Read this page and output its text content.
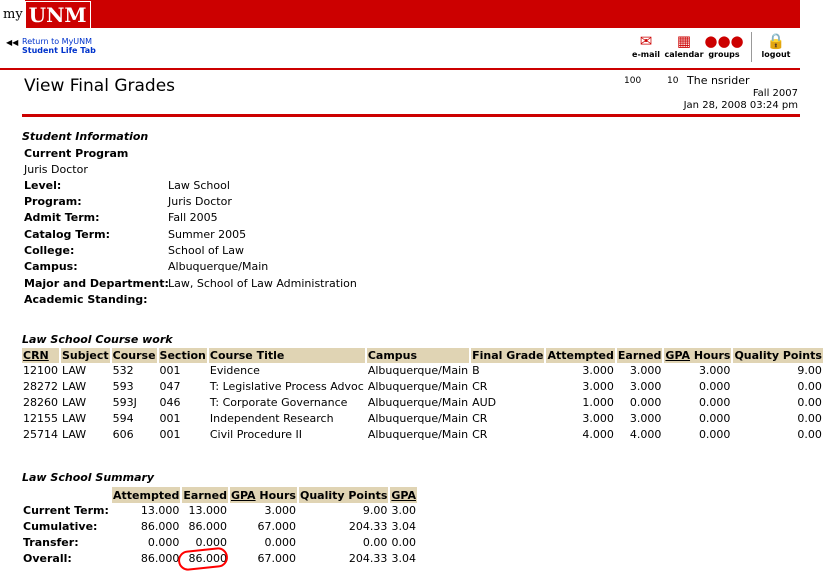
my UNM
◀◀ Return to MyUNM
Student Life Tab
✉
e-mail
▦
calendar
●●●
groups
🔒
logout
View Final Grades	100	10 The nsrider
Fall 2007
Jan 28, 2008 03:24 pm
Student Information
Current Program
Juris Doctor
Level:	Law School
Program:	Juris Doctor
Admit Term:	Fall 2005
Catalog Term:	Summer 2005
College:	School of Law
Campus:	Albuquerque/Main
Major and Department: Law, School of Law Administration
Academic Standing:
Law School Course work
CRN	Subject	Course	Section	Course Title	Campus	Final Grade	Attempted	Earned	GPA Hours	Quality Points
12100	LAW	532	001	Evidence	Albuquerque/Main	B	3.000	3.000	3.000	9.00
28272	LAW	593	047	T: Legislative Process Advoc	Albuquerque/Main	CR	3.000	3.000	0.000	0.00
28260	LAW	593J	046	T: Corporate Governance	Albuquerque/Main	AUD	1.000	0.000	0.000	0.00
12155	LAW	594	001	Independent Research	Albuquerque/Main	CR	3.000	3.000	0.000	0.00
25714	LAW	606	001	Civil Procedure II	Albuquerque/Main	CR	4.000	4.000	0.000	0.00
Law School Summary
	Attempted	Earned	GPA Hours	Quality Points	GPA
Current Term:	13.000	13.000	3.000	9.00	3.00
Cumulative:	86.000	86.000	67.000	204.33	3.04
Transfer:	0.000	0.000	0.000	0.00	0.00
Overall:	86.000	86.000	67.000	204.33	3.04
